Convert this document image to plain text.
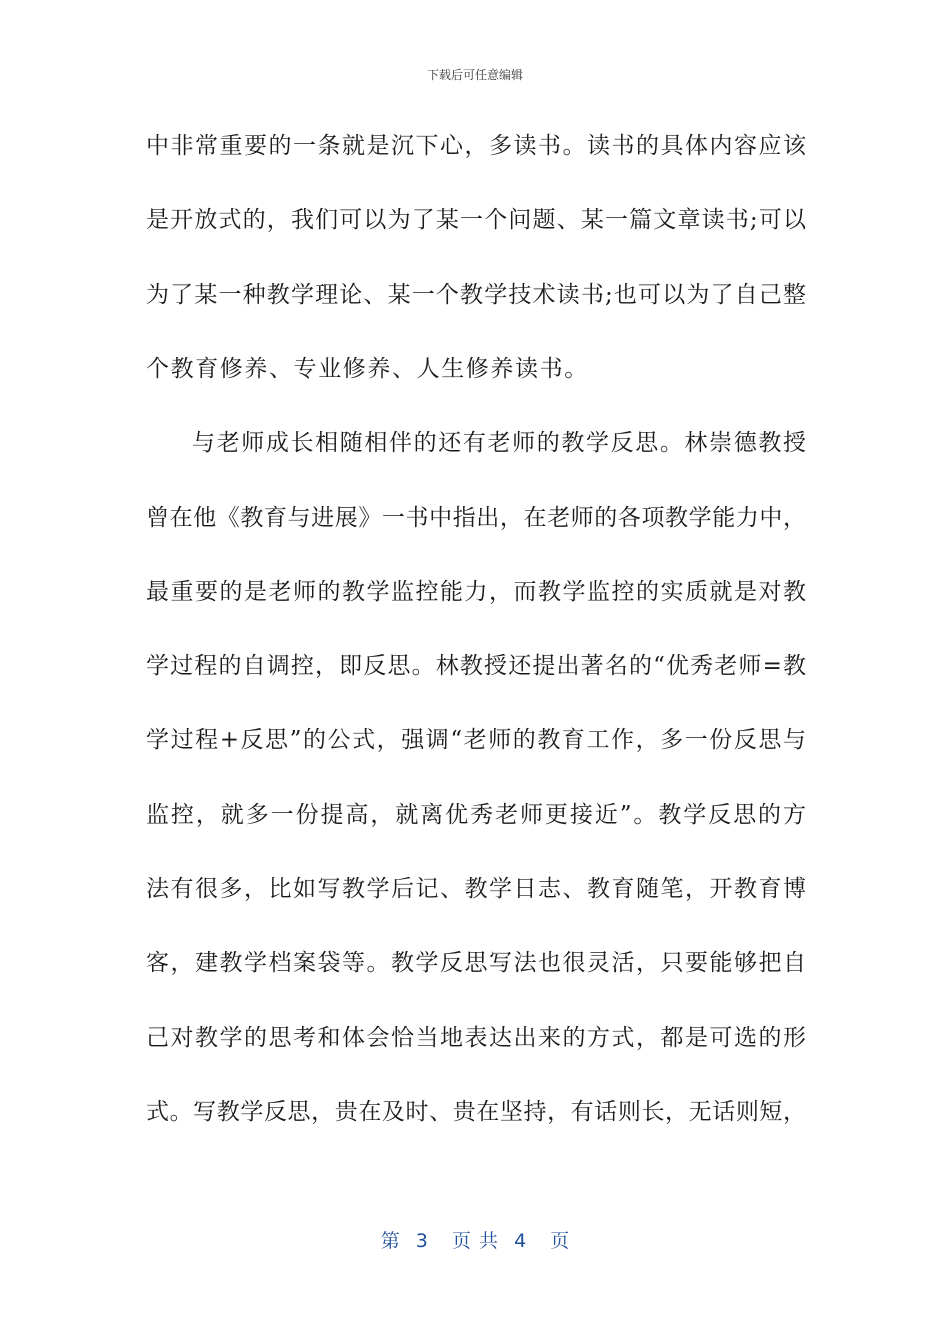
下载后可任意编辑
中非常重要的一条就是沉下心，多读书。读书的具体内容应该
是开放式的，我们可以为了某一个问题、某一篇文章读书;可以
为了某一种教学理论、某一个教学技术读书;也可以为了自己整
个教育修养、专业修养、人生修养读书。
与老师成长相随相伴的还有老师的教学反思。林崇德教授
曾在他《教育与进展》一书中指出，在老师的各项教学能力中，
最重要的是老师的教学监控能力，而教学监控的实质就是对教
学过程的自调控，即反思。林教授还提出著名的“优秀老师=教
学过程+反思”的公式，强调“老师的教育工作，多一份反思与
监控，就多一份提高，就离优秀老师更接近”。教学反思的方
法有很多，比如写教学后记、教学日志、教育随笔，开教育博
客，建教学档案袋等。教学反思写法也很灵活，只要能够把自
己对教学的思考和体会恰当地表达出来的方式，都是可选的形
式。写教学反思，贵在及时、贵在坚持，有话则长，无话则短，
第  3   页 共  4   页
